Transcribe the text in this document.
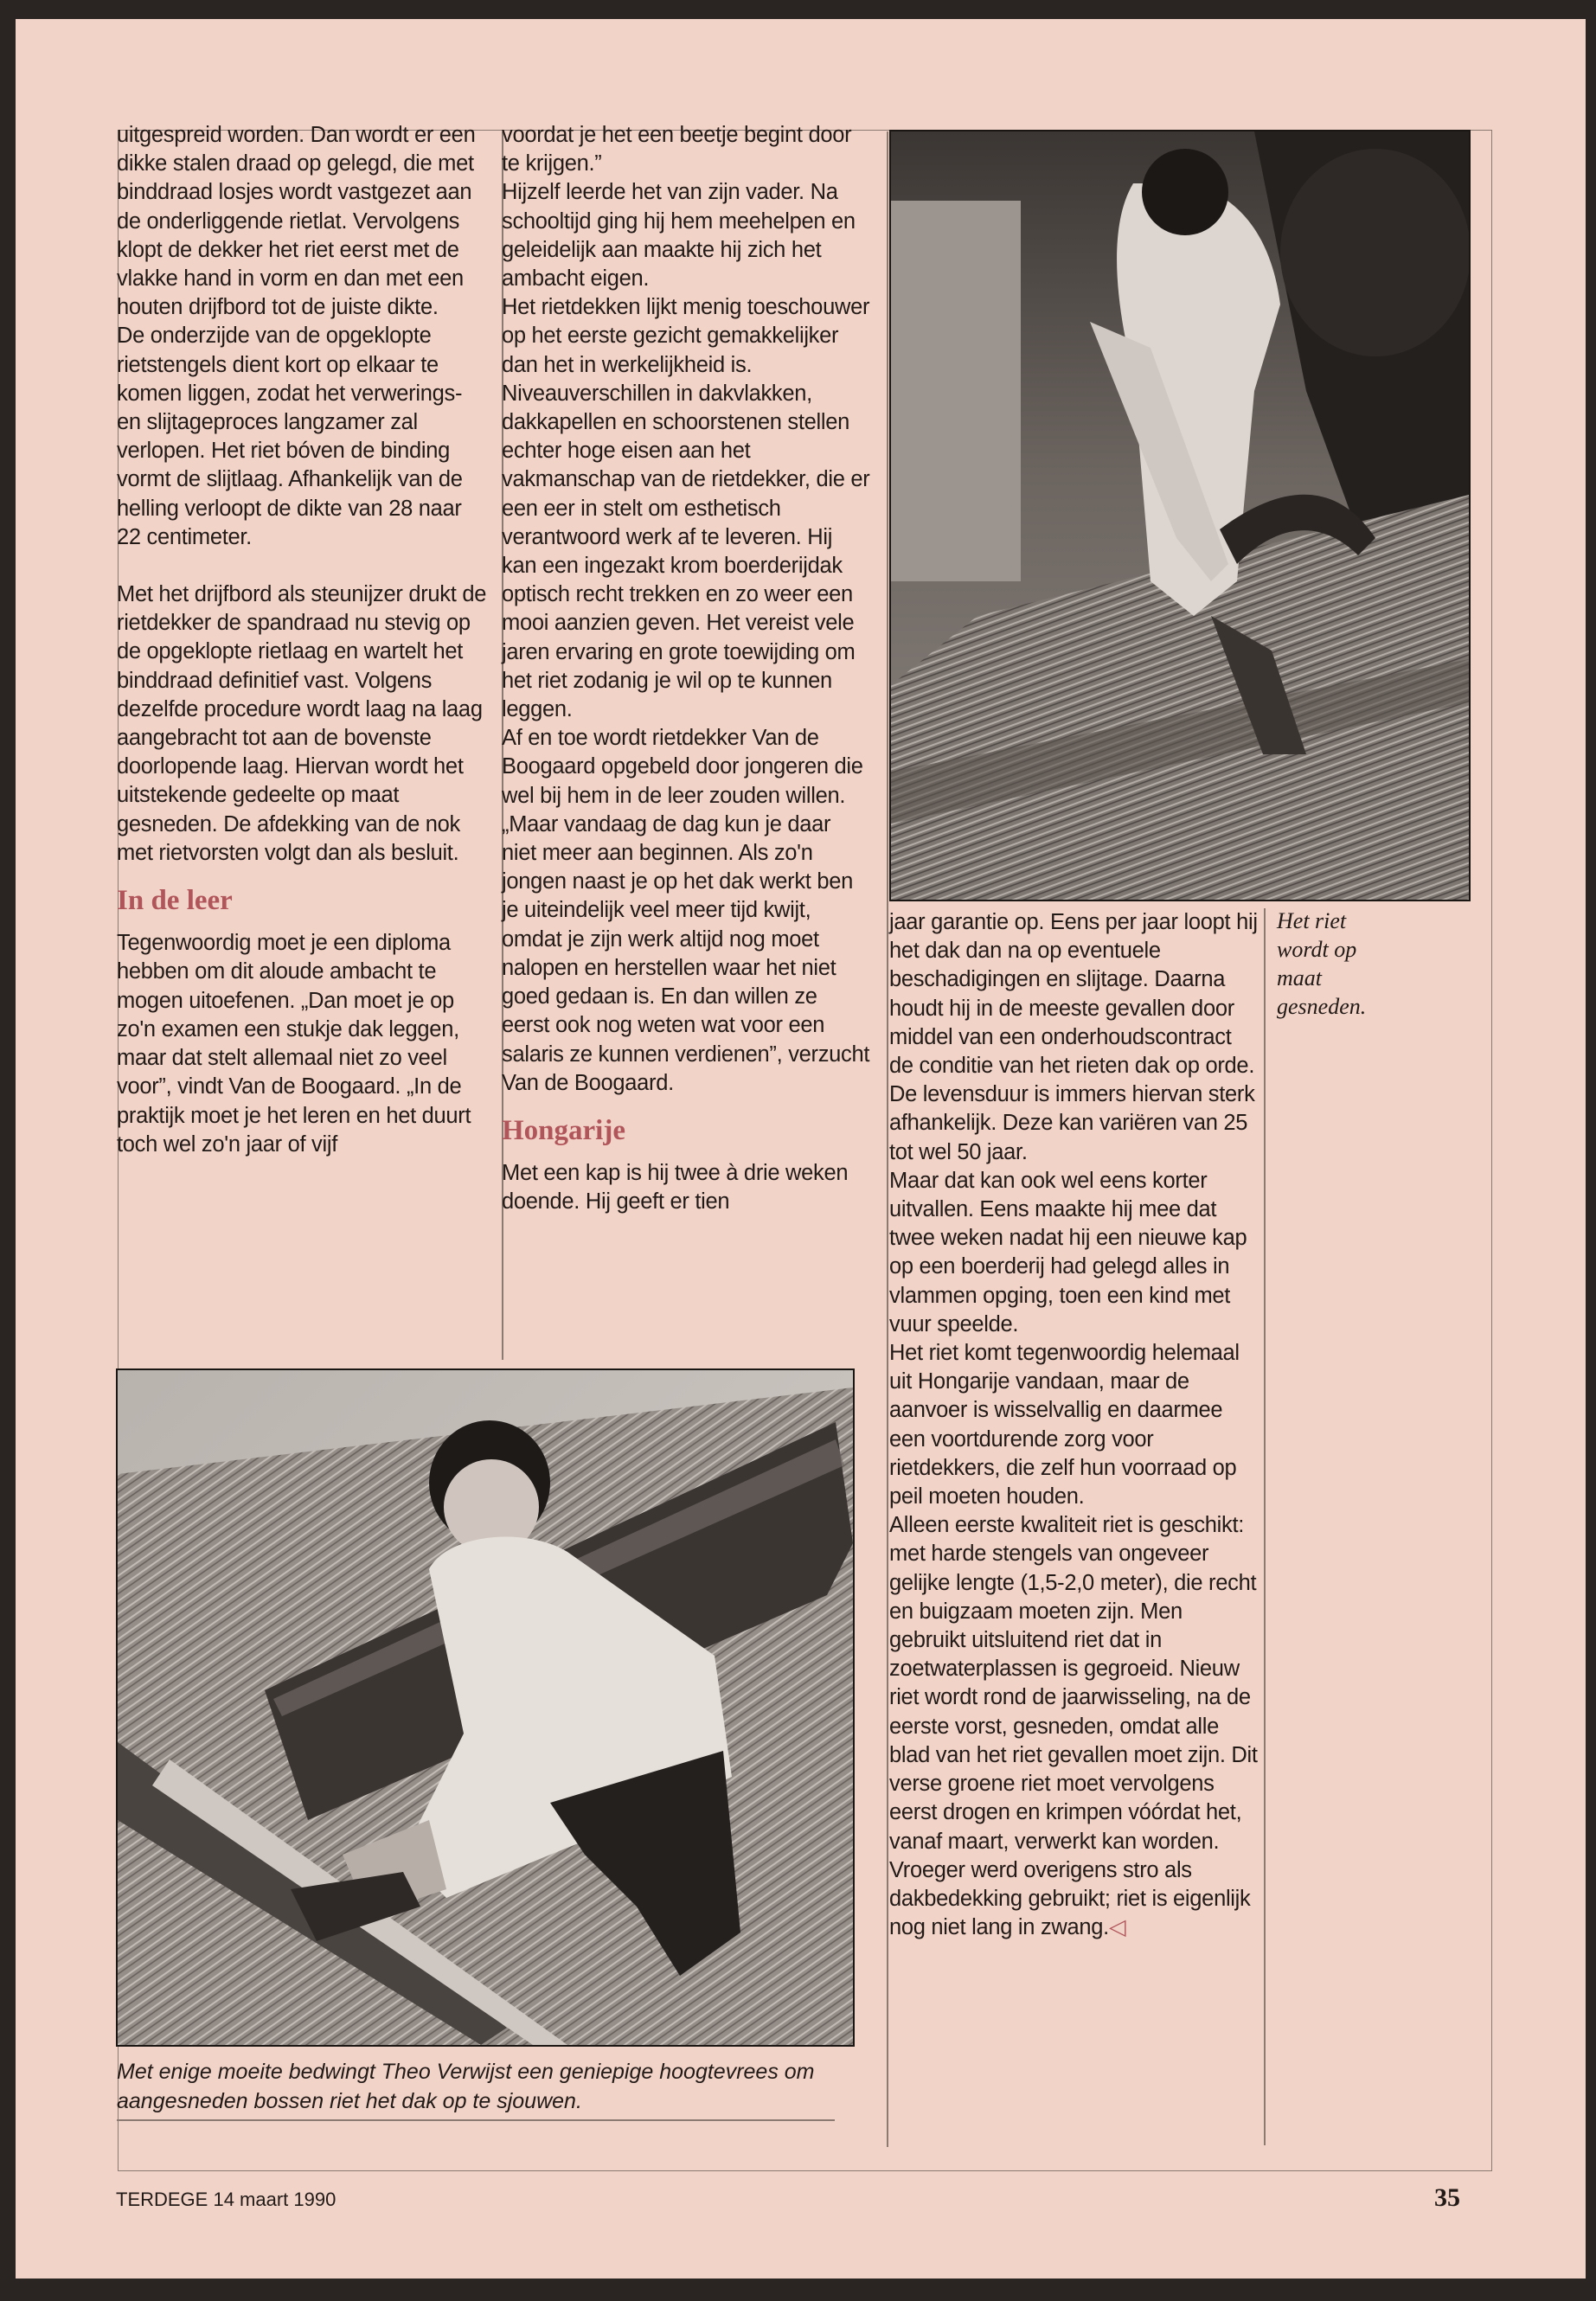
uitgespreid worden. Dan wordt er een dikke stalen draad op gelegd, die met binddraad losjes wordt vastgezet aan de onderliggende rietlat. Vervolgens klopt de dekker het riet eerst met de vlakke hand in vorm en dan met een houten drijfbord tot de juiste dikte.

De onderzijde van de opgeklopte rietstengels dient kort op elkaar te komen liggen, zodat het verwerings- en slijtageproces langzamer zal verlopen. Het riet bóven de binding vormt de slijtlaag. Afhankelijk van de helling verloopt de dikte van 28 naar 22 centimeter.

Met het drijfbord als steunijzer drukt de rietdekker de spandraad nu stevig op de opgeklopte rietlaag en wartelt het binddraad definitief vast. Volgens dezelfde procedure wordt laag na laag aangebracht tot aan de bovenste doorlopende laag. Hiervan wordt het uitstekende gedeelte op maat gesneden. De afdekking van de nok met rietvorsten volgt dan als besluit.

In de leer

Tegenwoordig moet je een diploma hebben om dit aloude ambacht te mogen uitoefenen. „Dan moet je op zo'n examen een stukje dak leggen, maar dat stelt allemaal niet zo veel voor”, vindt Van de Boogaard. „In de praktijk moet je het leren en het duurt toch wel zo'n jaar of vijf

voordat je het een beetje begint door te krijgen.”

Hijzelf leerde het van zijn vader. Na schooltijd ging hij hem meehelpen en geleidelijk aan maakte hij zich het ambacht eigen.

Het rietdekken lijkt menig toeschouwer op het eerste gezicht gemakkelijker dan het in werkelijkheid is. Niveauverschillen in dakvlakken, dakkapellen en schoorstenen stellen echter hoge eisen aan het vakmanschap van de rietdekker, die er een eer in stelt om esthetisch verantwoord werk af te leveren. Hij kan een ingezakt krom boerderijdak optisch recht trekken en zo weer een mooi aanzien geven. Het vereist vele jaren ervaring en grote toewijding om het riet zodanig je wil op te kunnen leggen.

Af en toe wordt rietdekker Van de Boogaard opgebeld door jongeren die wel bij hem in de leer zouden willen. „Maar vandaag de dag kun je daar niet meer aan beginnen. Als zo'n jongen naast je op het dak werkt ben je uiteindelijk veel meer tijd kwijt, omdat je zijn werk altijd nog moet nalopen en herstellen waar het niet goed gedaan is. En dan willen ze eerst ook nog weten wat voor een salaris ze kunnen verdienen”, verzucht Van de Boogaard.

Hongarije

Met een kap is hij twee à drie weken doende. Hij geeft er tien

jaar garantie op. Eens per jaar loopt hij het dak dan na op eventuele beschadigingen en slijtage. Daarna houdt hij in de meeste gevallen door middel van een onderhoudscontract de conditie van het rieten dak op orde. De levensduur is immers hiervan sterk afhankelijk. Deze kan variëren van 25 tot wel 50 jaar.

Maar dat kan ook wel eens korter uitvallen. Eens maakte hij mee dat twee weken nadat hij een nieuwe kap op een boerderij had gelegd alles in vlammen opging, toen een kind met vuur speelde.

Het riet komt tegenwoordig helemaal uit Hongarije vandaan, maar de aanvoer is wisselvallig en daarmee een voortdurende zorg voor rietdekkers, die zelf hun voorraad op peil moeten houden.

Alleen eerste kwaliteit riet is geschikt: met harde stengels van ongeveer gelijke lengte (1,5-2,0 meter), die recht en buigzaam moeten zijn. Men gebruikt uitsluitend riet dat in zoetwaterplassen is gegroeid. Nieuw riet wordt rond de jaarwisseling, na de eerste vorst, gesneden, omdat alle blad van het riet gevallen moet zijn. Dit verse groene riet moet vervolgens eerst drogen en krimpen vóórdat het, vanaf maart, verwerkt kan worden.

Vroeger werd overigens stro als dakbedekking gebruikt; riet is eigenlijk nog niet lang in zwang.◁

Het riet wordt op maat gesneden.
Met enige moeite bedwingt Theo Verwijst een geniepige hoogtevrees om aangesneden bossen riet het dak op te sjouwen.
TERDEGE 14 maart 1990	35
